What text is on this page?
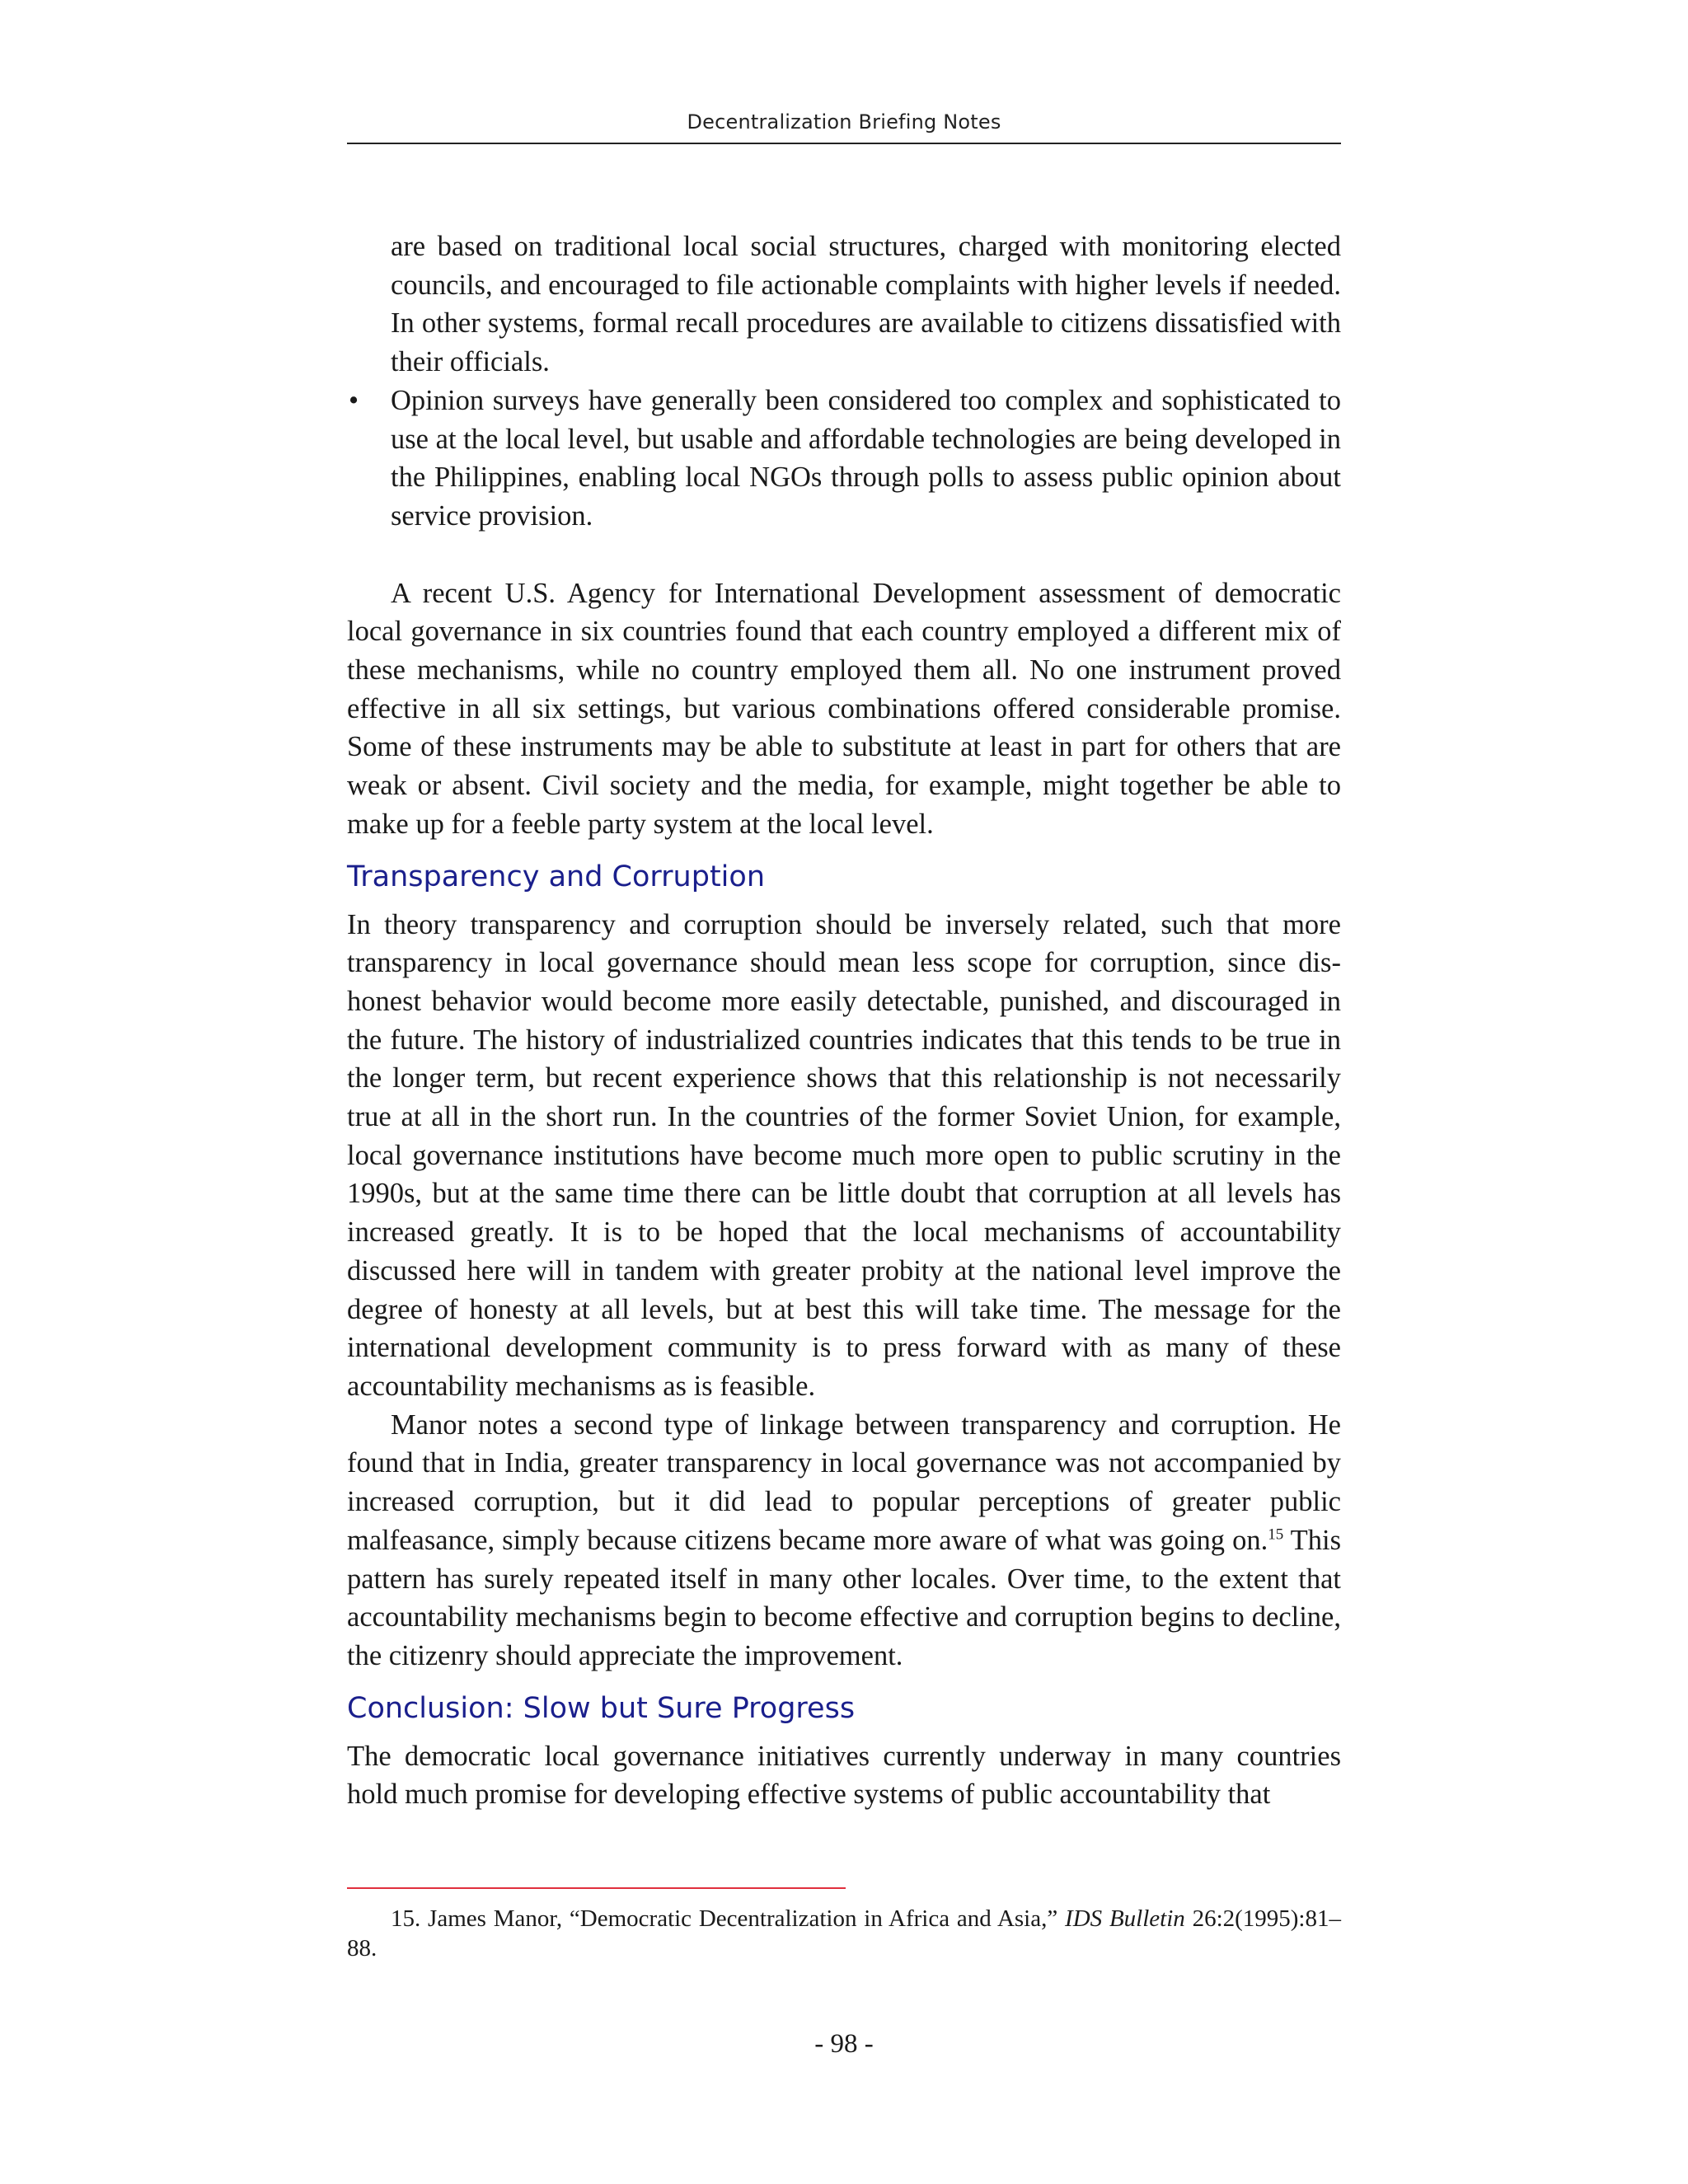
Decentralization Briefing Notes

are based on traditional local social structures, charged with monitoring elected councils, and encouraged to file actionable complaints with higher levels if needed. In other systems, formal recall procedures are available to citizens dissatisfied with their officials.

• Opinion surveys have generally been considered too complex and sophisticated to use at the local level, but usable and affordable technologies are being developed in the Philippines, enabling local NGOs through polls to assess public opinion about service provision.

A recent U.S. Agency for International Development assessment of democratic local governance in six countries found that each country employed a different mix of these mechanisms, while no country employed them all. No one instrument proved effective in all six settings, but various combinations offered considerable promise. Some of these instruments may be able to substitute at least in part for others that are weak or absent. Civil society and the media, for example, might together be able to make up for a feeble party system at the local level.

Transparency and Corruption

In theory transparency and corruption should be inversely related, such that more transparency in local governance should mean less scope for corruption, since dishonest behavior would become more easily detectable, punished, and discouraged in the future. The history of industrialized countries indicates that this tends to be true in the longer term, but recent experience shows that this relationship is not necessarily true at all in the short run. In the countries of the former Soviet Union, for example, local governance institutions have become much more open to public scrutiny in the 1990s, but at the same time there can be little doubt that corruption at all levels has increased greatly. It is to be hoped that the local mechanisms of accountability discussed here will in tandem with greater probity at the national level improve the degree of honesty at all levels, but at best this will take time. The message for the international development community is to press forward with as many of these accountability mechanisms as is feasible.

Manor notes a second type of linkage between transparency and corruption. He found that in India, greater transparency in local governance was not accompanied by increased corruption, but it did lead to popular perceptions of greater public malfeasance, simply because citizens became more aware of what was going on.$^{15}$ This pattern has surely repeated itself in many other locales. Over time, to the extent that accountability mechanisms begin to become effective and corruption begins to decline, the citizenry should appreciate the improvement.

Conclusion: Slow but Sure Progress

The democratic local governance initiatives currently underway in many countries hold much promise for developing effective systems of public accountability that

15. James Manor, “Democratic Decentralization in Africa and Asia,” IDS Bulletin 26:2(1995):81–88.
- 98 -
